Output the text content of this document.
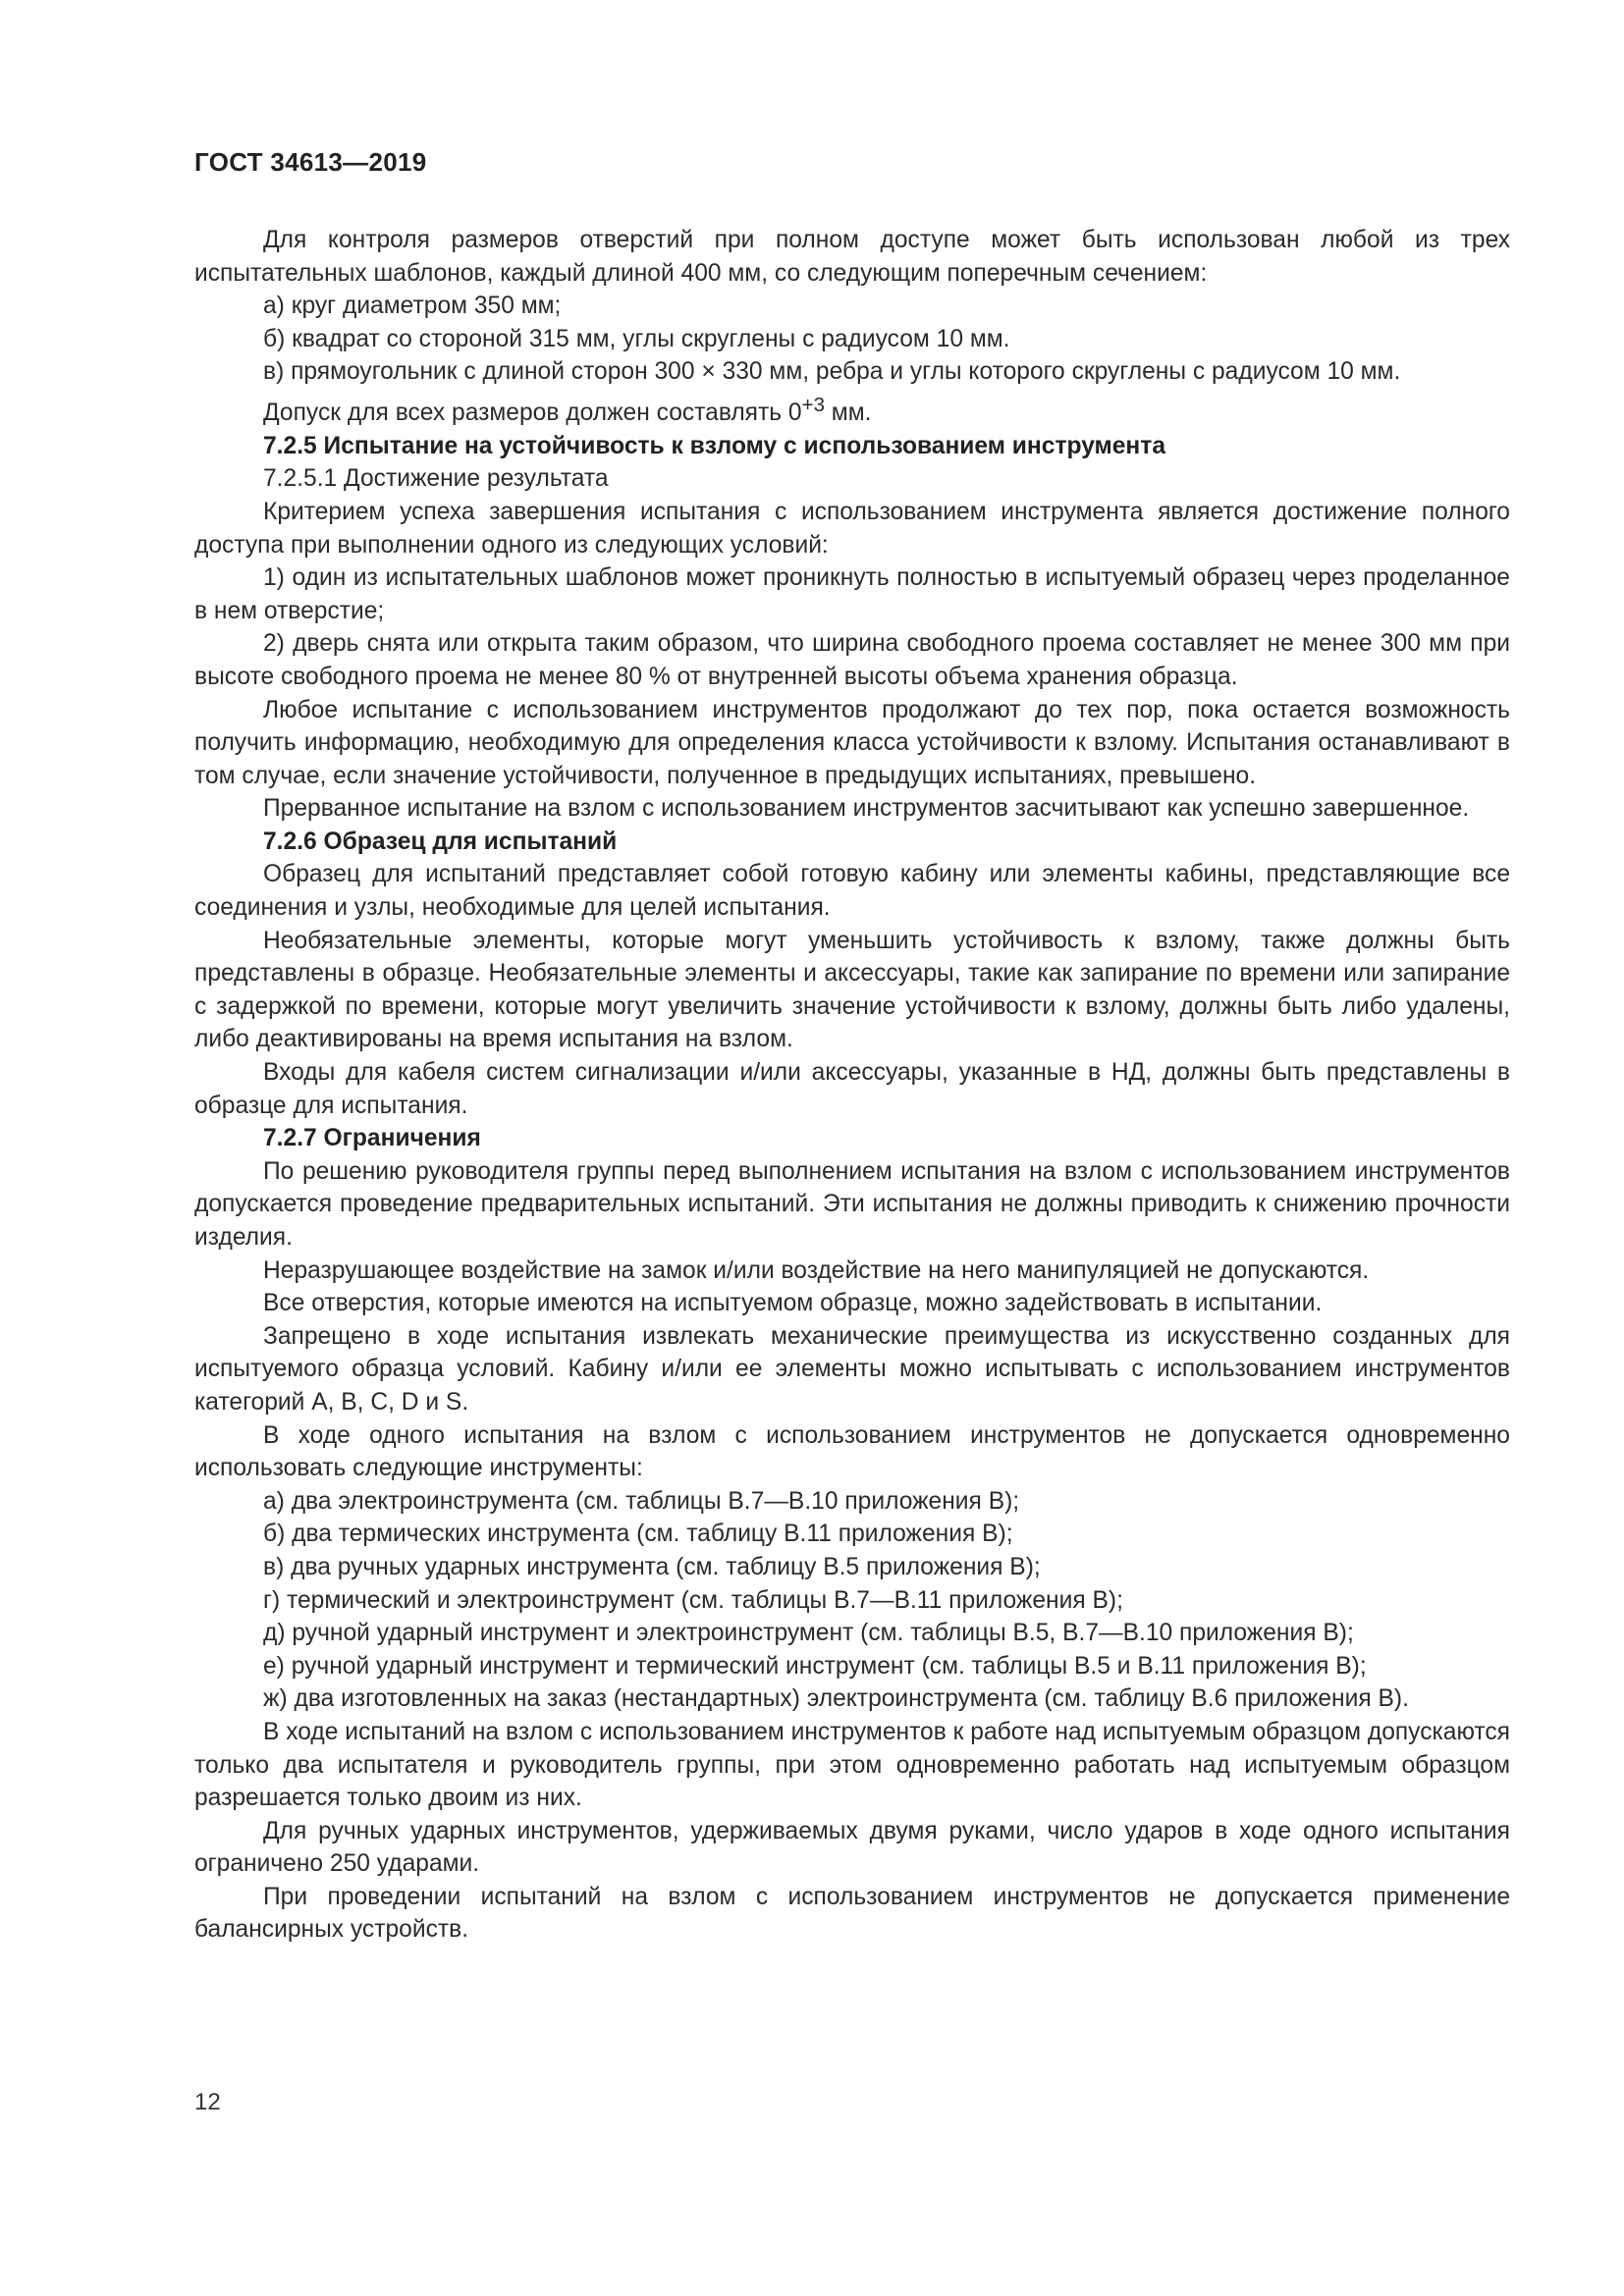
ГОСТ 34613—2019

Для контроля размеров отверстий при полном доступе может быть использован любой из трех испытательных шаблонов, каждый длиной 400 мм, со следующим поперечным сечением:

а) круг диаметром 350 мм;

б) квадрат со стороной 315 мм, углы скруглены с радиусом 10 мм.

в) прямоугольник с длиной сторон 300 × 330 мм, ребра и углы которого скруглены с радиусом 10 мм.

Допуск для всех размеров должен составлять $0^{+3}$ мм.

7.2.5 Испытание на устойчивость к взлому с использованием инструмента

7.2.5.1 Достижение результата

Критерием успеха завершения испытания с использованием инструмента является достижение полного доступа при выполнении одного из следующих условий:

1) один из испытательных шаблонов может проникнуть полностью в испытуемый образец через проделанное в нем отверстие;

2) дверь снята или открыта таким образом, что ширина свободного проема составляет не менее 300 мм при высоте свободного проема не менее 80 % от внутренней высоты объема хранения образца.

Любое испытание с использованием инструментов продолжают до тех пор, пока остается возможность получить информацию, необходимую для определения класса устойчивости к взлому. Испытания останавливают в том случае, если значение устойчивости, полученное в предыдущих испытаниях, превышено.

Прерванное испытание на взлом с использованием инструментов засчитывают как успешно завершенное.

7.2.6 Образец для испытаний

Образец для испытаний представляет собой готовую кабину или элементы кабины, представляющие все соединения и узлы, необходимые для целей испытания.

Необязательные элементы, которые могут уменьшить устойчивость к взлому, также должны быть представлены в образце. Необязательные элементы и аксессуары, такие как запирание по времени или запирание с задержкой по времени, которые могут увеличить значение устойчивости к взлому, должны быть либо удалены, либо деактивированы на время испытания на взлом.

Входы для кабеля систем сигнализации и/или аксессуары, указанные в НД, должны быть представлены в образце для испытания.

7.2.7 Ограничения

По решению руководителя группы перед выполнением испытания на взлом с использованием инструментов допускается проведение предварительных испытаний. Эти испытания не должны приводить к снижению прочности изделия.

Неразрушающее воздействие на замок и/или воздействие на него манипуляцией не допускаются.

Все отверстия, которые имеются на испытуемом образце, можно задействовать в испытании.

Запрещено в ходе испытания извлекать механические преимущества из искусственно созданных для испытуемого образца условий. Кабину и/или ее элементы можно испытывать с использованием инструментов категорий A, B, C, D и S.

В ходе одного испытания на взлом с использованием инструментов не допускается одновременно использовать следующие инструменты:

а) два электроинструмента (см. таблицы В.7—В.10 приложения В);

б) два термических инструмента (см. таблицу В.11 приложения В);

в) два ручных ударных инструмента (см. таблицу В.5 приложения В);

г) термический и электроинструмент (см. таблицы В.7—В.11 приложения В);

д) ручной ударный инструмент и электроинструмент (см. таблицы В.5, В.7—В.10 приложения В);

е) ручной ударный инструмент и термический инструмент (см. таблицы В.5 и В.11 приложения В);

ж) два изготовленных на заказ (нестандартных) электроинструмента (см. таблицу В.6 приложения В).

В ходе испытаний на взлом с использованием инструментов к работе над испытуемым образцом допускаются только два испытателя и руководитель группы, при этом одновременно работать над испытуемым образцом разрешается только двоим из них.

Для ручных ударных инструментов, удерживаемых двумя руками, число ударов в ходе одного испытания ограничено 250 ударами.

При проведении испытаний на взлом с использованием инструментов не допускается применение балансирных устройств.

12
